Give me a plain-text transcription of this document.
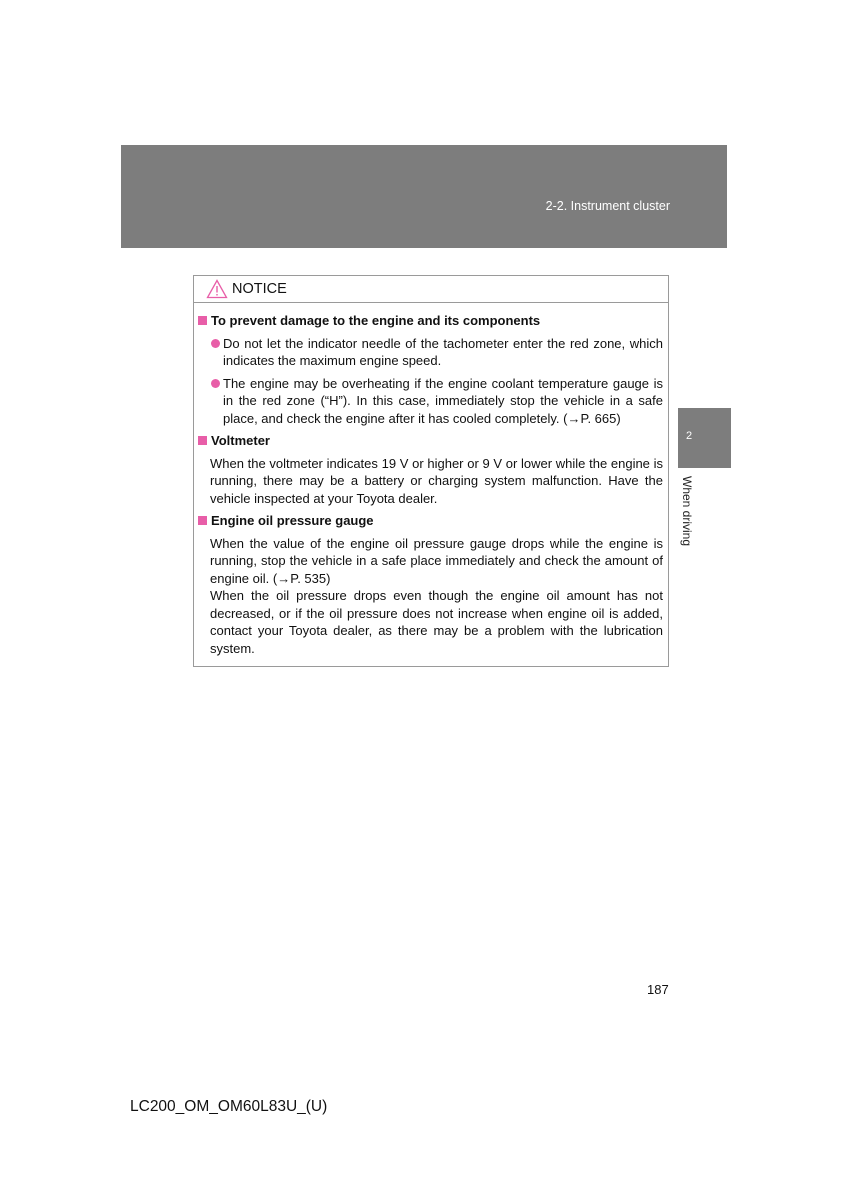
2-2. Instrument cluster
2
When driving
NOTICE
To prevent damage to the engine and its components
Do not let the indicator needle of the tachometer enter the red zone, which indicates the maximum engine speed.
The engine may be overheating if the engine coolant temperature gauge is in the red zone (“H”). In this case, immediately stop the vehicle in a safe place, and check the engine after it has cooled completely. (→P. 665)
Voltmeter
When the voltmeter indicates 19 V or higher or 9 V or lower while the engine is running, there may be a battery or charging system malfunction. Have the vehicle inspected at your Toyota dealer.
Engine oil pressure gauge
When the value of the engine oil pressure gauge drops while the engine is running, stop the vehicle in a safe place immediately and check the amount of engine oil. (→P. 535)
When the oil pressure drops even though the engine oil amount has not decreased, or if the oil pressure does not increase when engine oil is added, contact your Toyota dealer, as there may be a problem with the lubrication system.
187
LC200_OM_OM60L83U_(U)
